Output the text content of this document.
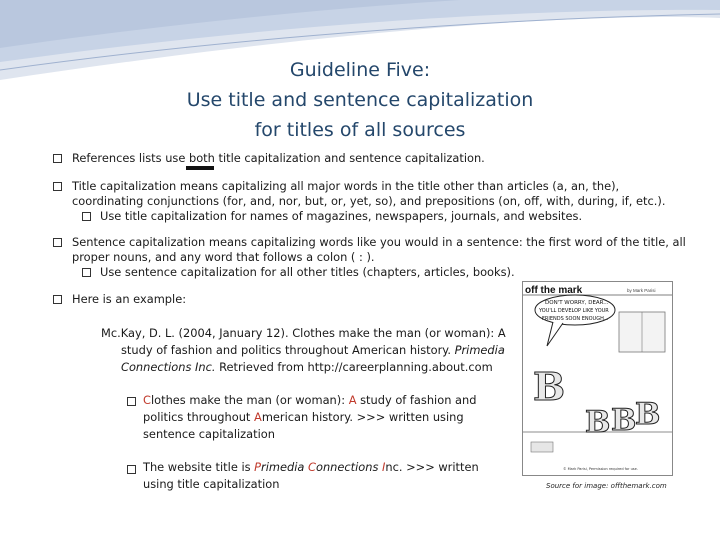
Guideline Five:
Use title and sentence capitalization
for titles of all sources
References lists use both title capitalization and sentence capitalization.
Title capitalization means capitalizing all major words in the title other than articles (a, an, the),
coordinating conjunctions (for, and, nor, but, or, yet, so), and prepositions (on, off, with, during, if, etc.).
Use title capitalization for names of magazines, newspapers, journals, and websites.
Sentence capitalization means capitalizing words like you would in a sentence: the first word of the title, all
proper nouns, and any word that follows a colon ( : ).
Use sentence capitalization for all other titles (chapters, articles, books).
Here is an example:
Mc.Kay, D. L. (2004, January 12). Clothes make the man (or woman): A
study of fashion and politics throughout American history. Primedia
Connections Inc. Retrieved from http://careerplanning.about.com
Clothes make the man (or woman): A study of fashion and
politics throughout American history. >>> written using
sentence capitalization
The website title is Primedia Connections Inc. >>> written
using title capitalization
off the mark	by Mark Parisi
DON'T WORRY, DEAR...
YOU'LL DEVELOP LIKE YOUR
FRIENDS SOON ENOUGH...
B
B B
B
© Mark Parisi, Permission required for use.
Source for image: offthemark.com
